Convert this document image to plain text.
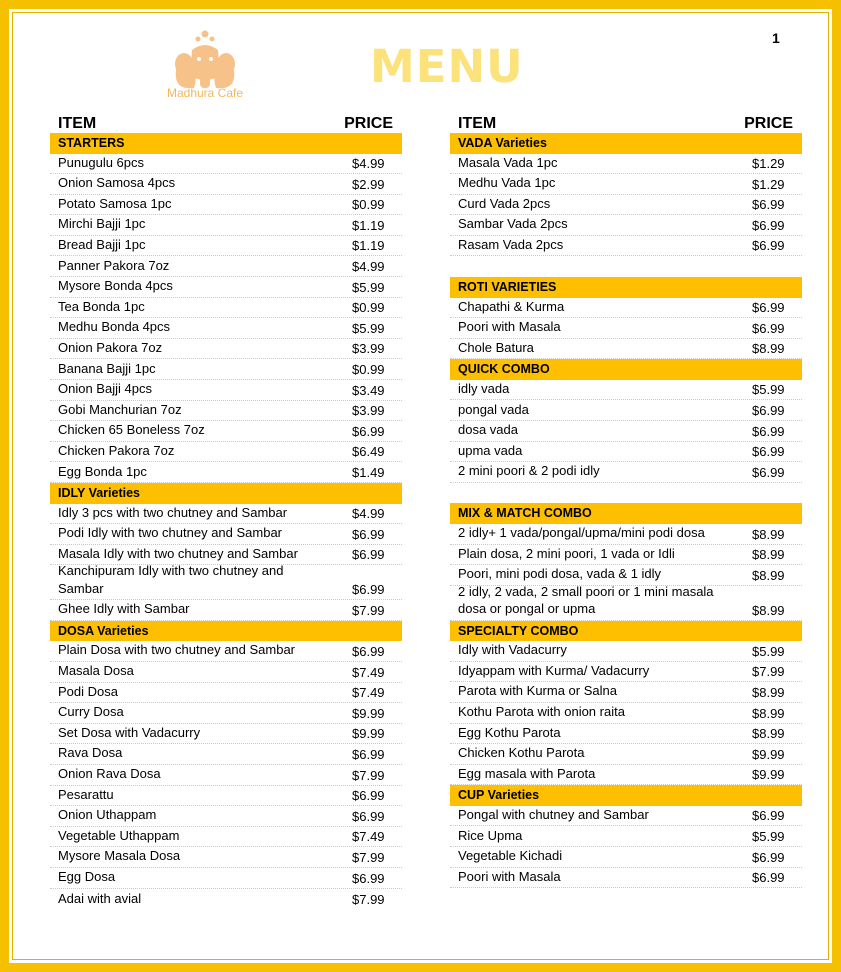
Madhura Cafe	MENU
1
ITEM	PRICE
STARTERS
Punugulu 6pcs	$4.99
Onion Samosa 4pcs	$2.99
Potato Samosa 1pc	$0.99
Mirchi Bajji 1pc	$1.19
Bread Bajji 1pc	$1.19
Panner Pakora 7oz	$4.99
Mysore Bonda 4pcs	$5.99
Tea Bonda 1pc	$0.99
Medhu Bonda 4pcs	$5.99
Onion Pakora 7oz	$3.99
Banana Bajji 1pc	$0.99
Onion Bajji 4pcs	$3.49
Gobi Manchurian 7oz	$3.99
Chicken 65 Boneless 7oz	$6.99
Chicken Pakora 7oz	$6.49
Egg Bonda 1pc	$1.49
IDLY Varieties
Idly 3 pcs with two chutney and Sambar	$4.99
Podi Idly with two chutney and Sambar	$6.99
Masala Idly with two chutney and Sambar	$6.99
Kanchipuram Idly with two chutney and Sambar	$6.99
Ghee Idly with Sambar	$7.99
DOSA Varieties
Plain Dosa with two chutney and Sambar	$6.99
Masala Dosa	$7.49
Podi Dosa	$7.49
Curry Dosa	$9.99
Set Dosa with Vadacurry	$9.99
Rava Dosa	$6.99
Onion Rava Dosa	$7.99
Pesarattu	$6.99
Onion Uthappam	$6.99
Vegetable Uthappam	$7.49
Mysore Masala Dosa	$7.99
Egg Dosa	$6.99
Adai with avial	$7.99
ITEM	PRICE
VADA Varieties
Masala Vada 1pc	$1.29
Medhu Vada 1pc	$1.29
Curd Vada 2pcs	$6.99
Sambar Vada 2pcs	$6.99
Rasam Vada 2pcs	$6.99
ROTI VARIETIES
Chapathi & Kurma	$6.99
Poori with Masala	$6.99
Chole Batura	$8.99
QUICK COMBO
idly vada	$5.99
pongal vada	$6.99
dosa vada	$6.99
upma vada	$6.99
2 mini poori & 2 podi idly	$6.99
MIX & MATCH COMBO
2 idly+ 1 vada/pongal/upma/mini podi dosa	$8.99
Plain dosa, 2 mini poori, 1 vada or Idli	$8.99
Poori, mini podi dosa, vada & 1 idly	$8.99
2 idly, 2 vada, 2 small poori or 1 mini masala dosa or pongal or upma	$8.99
SPECIALTY COMBO
Idly with Vadacurry	$5.99
Idyappam with Kurma/ Vadacurry	$7.99
Parota with Kurma or Salna	$8.99
Kothu Parota with onion raita	$8.99
Egg Kothu Parota	$8.99
Chicken Kothu Parota	$9.99
Egg masala with Parota	$9.99
CUP Varieties
Pongal with chutney and Sambar	$6.99
Rice Upma	$5.99
Vegetable Kichadi	$6.99
Poori with Masala	$6.99
